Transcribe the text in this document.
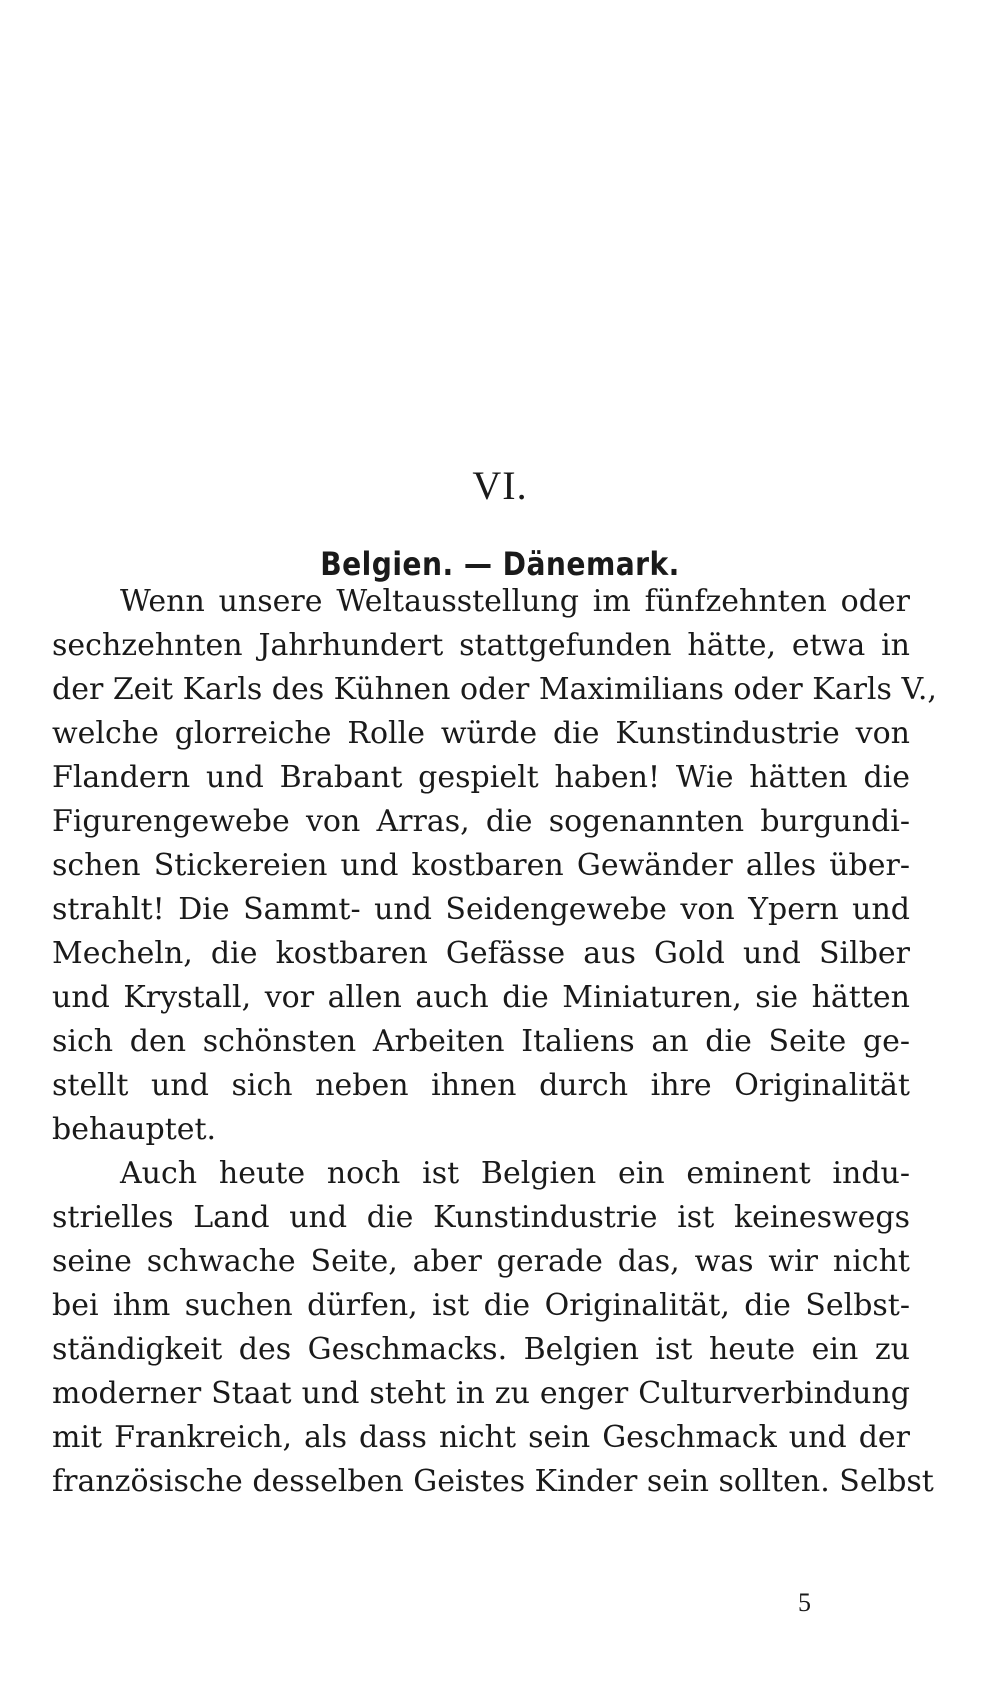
VI.
Belgien. — Dänemark.
Wenn unsere Weltausstellung im fünfzehnten oder
sechzehnten Jahrhundert stattgefunden hätte, etwa in
der Zeit Karls des Kühnen oder Maximilians oder Karls V.,
welche glorreiche Rolle würde die Kunstindustrie von
Flandern und Brabant gespielt haben! Wie hätten die
Figurengewebe von Arras, die sogenannten burgundi-
schen Stickereien und kostbaren Gewänder alles über-
strahlt! Die Sammt- und Seidengewebe von Ypern und
Mecheln, die kostbaren Gefässe aus Gold und Silber
und Krystall, vor allen auch die Miniaturen, sie hätten
sich den schönsten Arbeiten Italiens an die Seite ge-
stellt und sich neben ihnen durch ihre Originalität
behauptet.
Auch heute noch ist Belgien ein eminent indu-
strielles Land und die Kunstindustrie ist keineswegs
seine schwache Seite, aber gerade das, was wir nicht
bei ihm suchen dürfen, ist die Originalität, die Selbst-
ständigkeit des Geschmacks. Belgien ist heute ein zu
moderner Staat und steht in zu enger Culturverbindung
mit Frankreich, als dass nicht sein Geschmack und der
französische desselben Geistes Kinder sein sollten. Selbst
5
